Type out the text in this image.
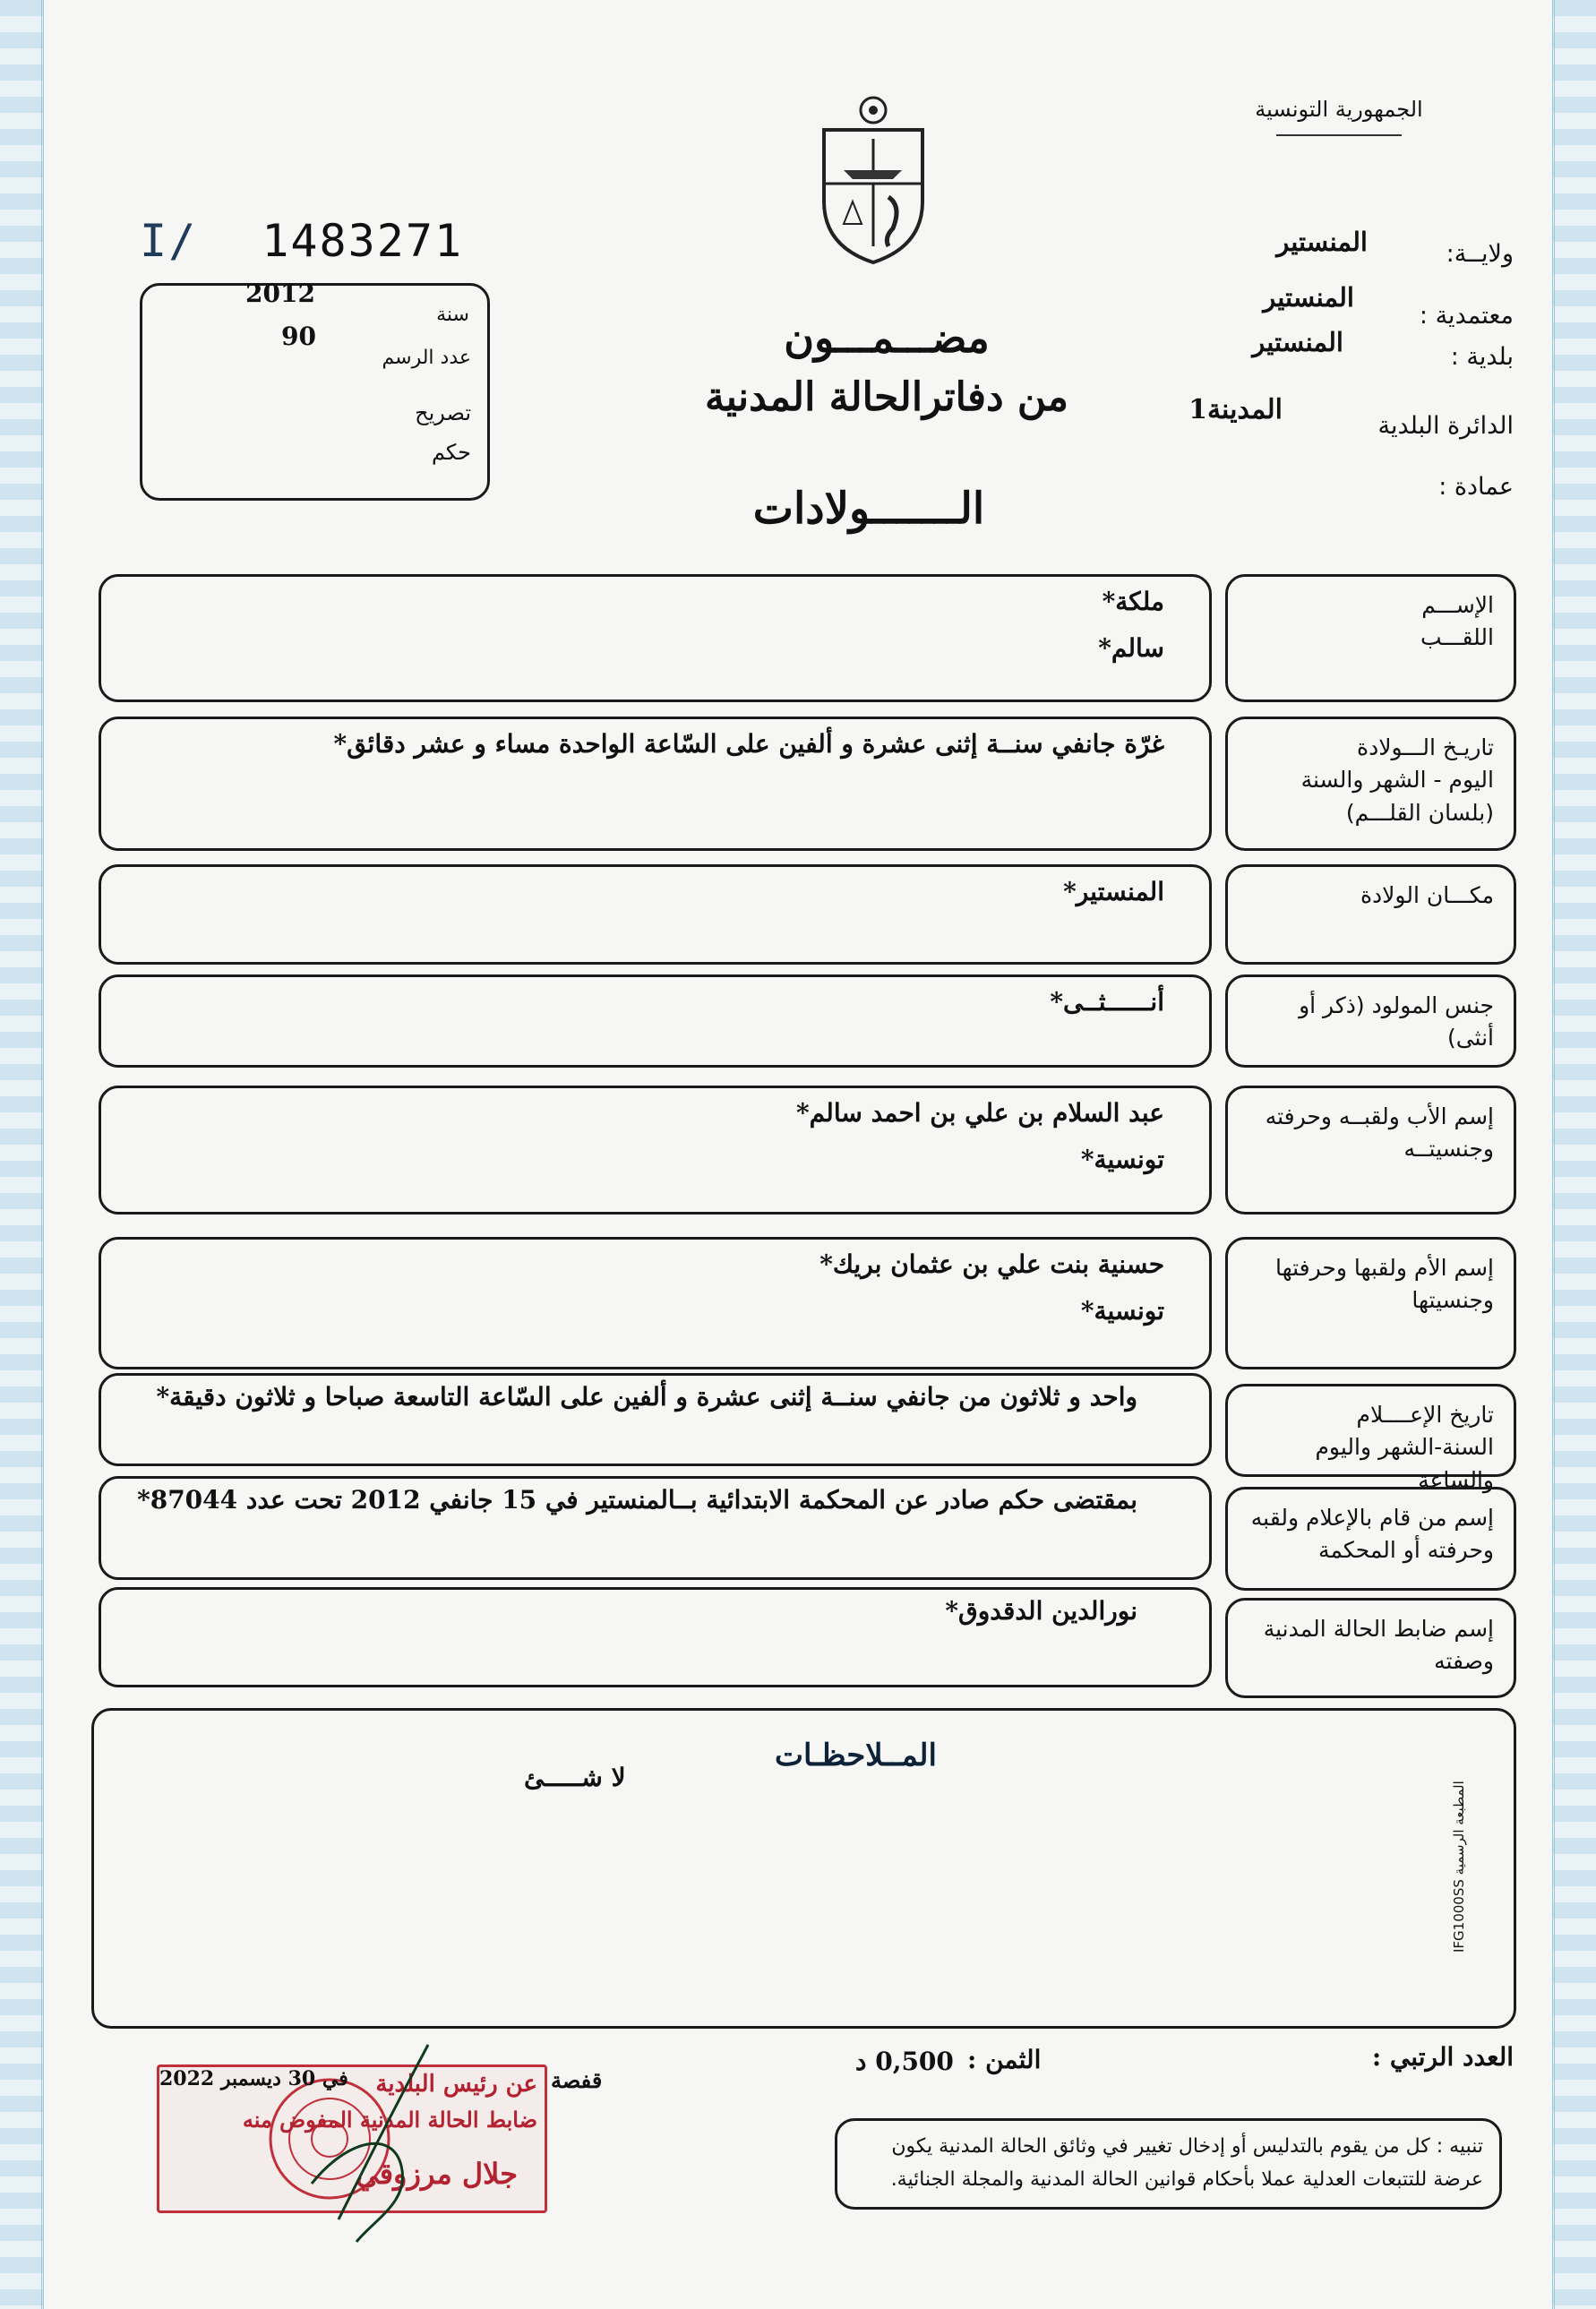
الجمهورية التونسية
I/ 1483271
2012
سنة
90
عدد الرسم
تصريح
حكم
ولايــة:
المنستير
معتمدية :
المنستير
بلدية :
المنستير
الدائرة البلدية
المدينة1
عمادة :
مضـــمـــون
من دفاترالحالة المدنية
الـــــــولادات
الإســـم
اللقـــب
ملكة*
سالم*
تاريـخ الـــولادة
اليوم - الشهر والسنة
(بلسان القلـــم)
غرّة جانفي سنــة إثنى عشرة و ألفين على السّاعة الواحدة مساء و عشر دقائق*
مكـــان الولادة
المنستير*
جنس المولود (ذكر أو أنثى)
أنــــــثــى*
إسم الأب ولقبــه وحرفته
وجنسيتــه
عبد السلام بن علي بن احمد سالم*
تونسية*
إسم الأم ولقبها وحرفتها
وجنسيتها
حسنية بنت علي بن عثمان بريك*
تونسية*
تاريخ الإعــــلام
السنة-الشهر واليوم والساعة
واحد و ثلاثون من جانفي سنــة إثنى عشرة و ألفين على السّاعة التاسعة صباحا و ثلاثون دقيقة*
إسم من قام بالإعلام ولقبه
وحرفته أو المحكمة
بمقتضى حكم صادر عن المحكمة الابتدائية بــالمنستير في 15 جانفي 2012 تحت عدد 87044*
إسم ضابط الحالة المدنية
وصفته
نورالدين الدقدوق*
المــلاحظـات
لا شـــــئ
المطبعة الرسمية IFG1000SS
العدد الرتبي :
الثمن :
0,500 د
عن رئيس البلدية
ضابط الحالة المدنية المفوض منه
جلال مرزوقي
قفصة
في 30 ديسمبر 2022
تنبيه : كل من يقوم بالتدليس أو إدخال تغيير في وثائق الحالة المدنية يكون عرضة للتتبعات العدلية عملا بأحكام قوانين الحالة المدنية والمجلة الجنائية.
